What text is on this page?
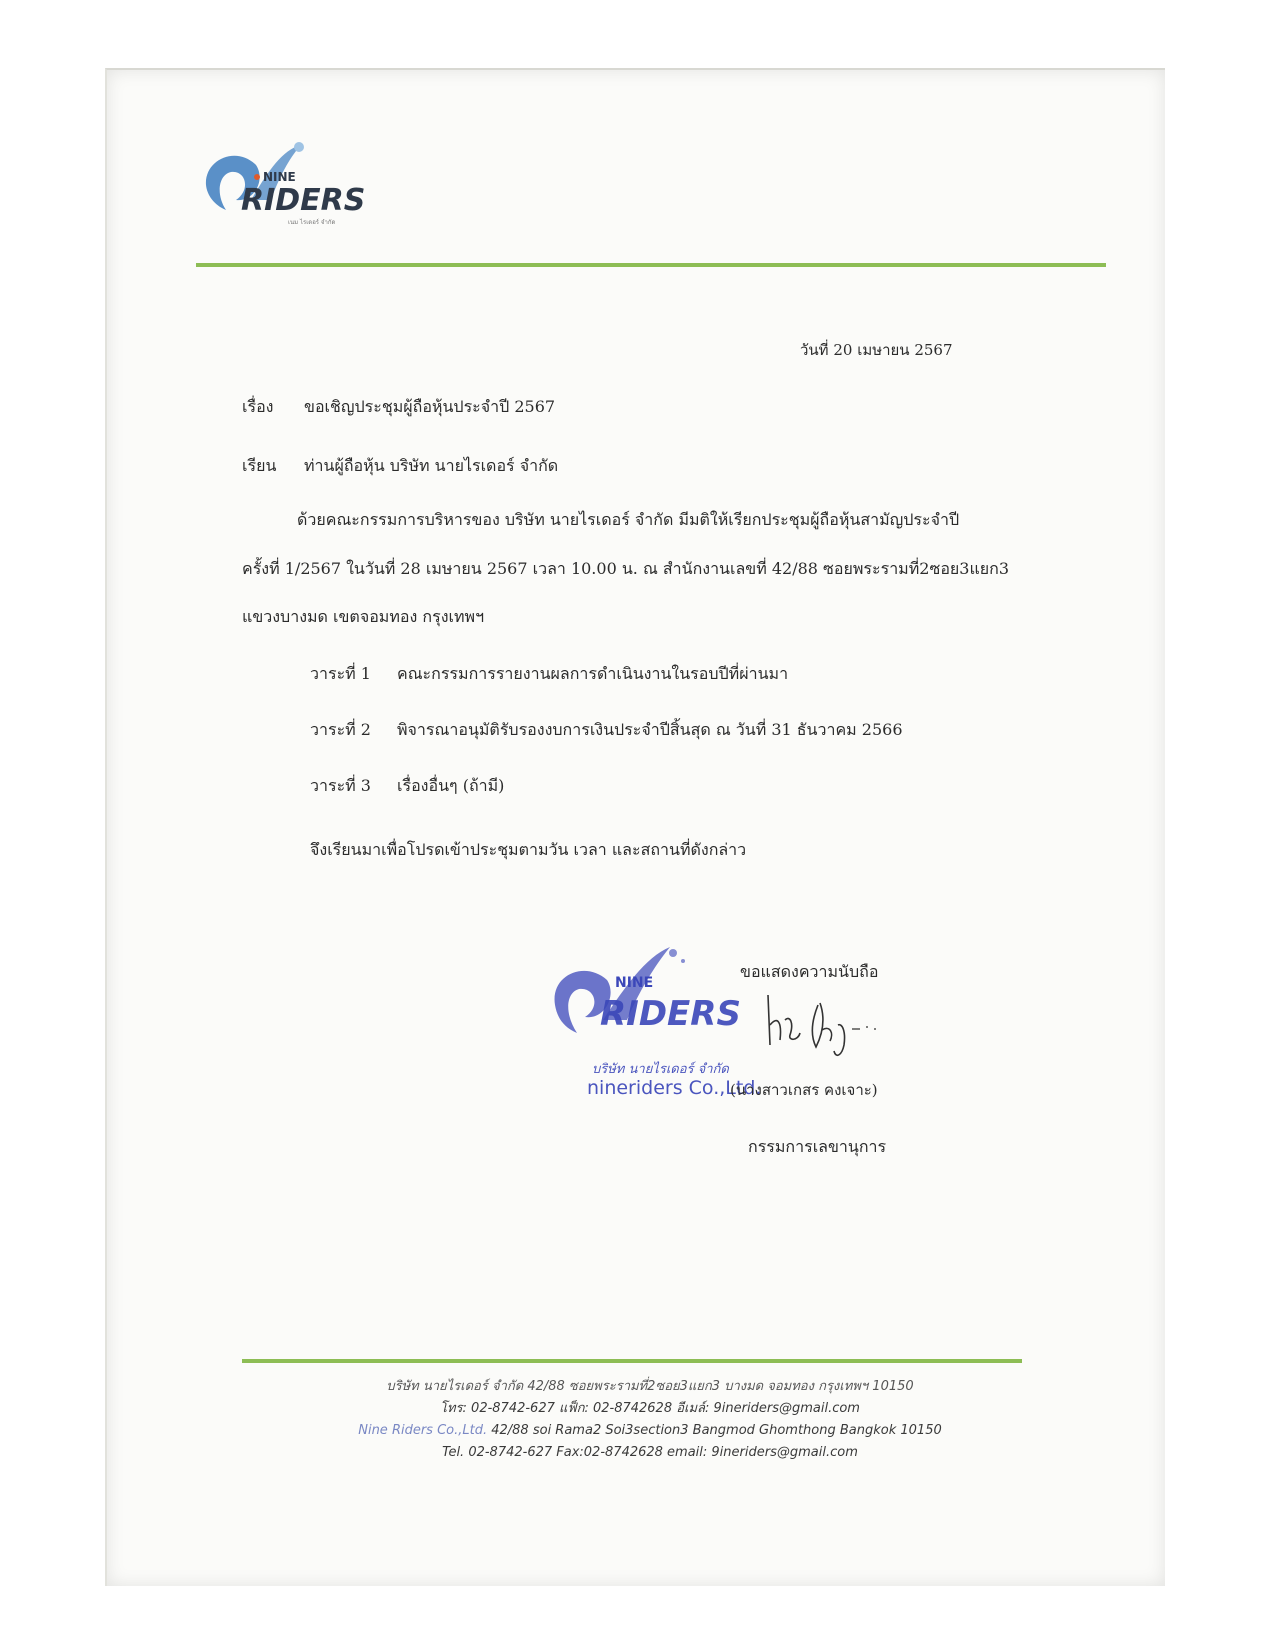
NINE
RIDERS
เนม ไรเดอร์ จำกัด
วันที่ 20 เมษายน 2567
เรื่อง ขอเชิญประชุมผู้ถือหุ้นประจำปี 2567
เรียน ท่านผู้ถือหุ้น บริษัท นายไรเดอร์ จำกัด
ด้วยคณะกรรมการบริหารของ บริษัท นายไรเดอร์ จำกัด มีมติให้เรียกประชุมผู้ถือหุ้นสามัญประจำปี
ครั้งที่ 1/2567 ในวันที่ 28 เมษายน 2567 เวลา 10.00 น. ณ สำนักงานเลขที่ 42/88 ซอยพระรามที่2ซอย3แยก3
แขวงบางมด เขตจอมทอง กรุงเทพฯ
วาระที่ 1 คณะกรรมการรายงานผลการดำเนินงานในรอบปีที่ผ่านมา
วาระที่ 2 พิจารณาอนุมัติรับรองงบการเงินประจำปีสิ้นสุด ณ วันที่ 31 ธันวาคม 2566
วาระที่ 3 เรื่องอื่นๆ (ถ้ามี)
จึงเรียนมาเพื่อโปรดเข้าประชุมตามวัน เวลา และสถานที่ดังกล่าว
ขอแสดงความนับถือ
NINE
RIDERS
บริษัท นายไรเดอร์ จำกัด
nineriders Co.,Ltd.
(นางสาวเกสร คงเจาะ)
กรรมการเลขานุการ
บริษัท นายไรเดอร์ จำกัด 42/88 ซอยพระรามที่2ซอย3แยก3 บางมด จอมทอง กรุงเทพฯ 10150
โทร: 02-8742-627 แฟ็ก: 02-8742628 อีเมล์: 9ineriders@gmail.com
Nine Riders Co.,Ltd. 42/88 soi Rama2 Soi3section3 Bangmod Ghomthong Bangkok 10150
Tel. 02-8742-627 Fax:02-8742628 email: 9ineriders@gmail.com
